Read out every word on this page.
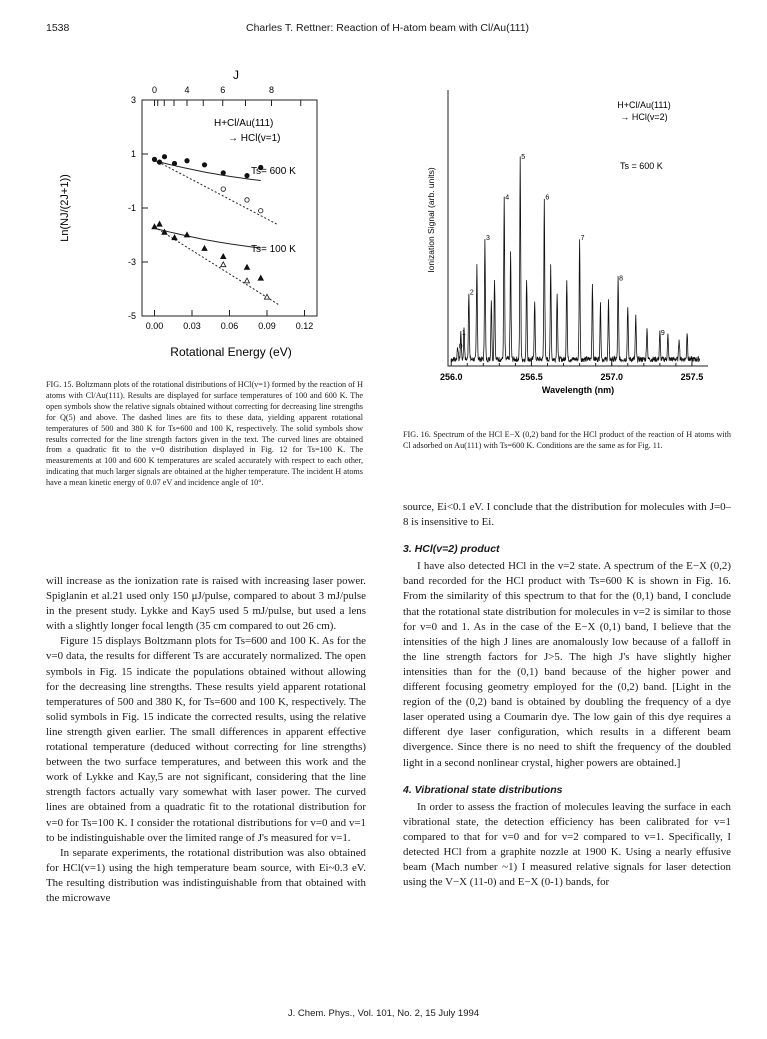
1538	Charles T. Rettner: Reaction of H-atom beam with Cl/Au(111)
J
0	4	6	8
H+Cl/Au(111)
→ HCl(v=1)
Ts= 600 K
Ts= 100 K
3
1
-1
-3
-5
0.00 0.03 0.06 0.09 0.12
Ln(NJ/(2J+1))
Rotational Energy (eV)
FIG. 15. Boltzmann plots of the rotational distributions of HCl(v=1) formed by the reaction of H atoms with Cl/Au(111). Results are displayed for surface temperatures of 100 and 600 K. The open symbols show the relative signals obtained without correcting for decreasing line strengths for Q(5) and above. The dashed lines are fits to these data, yielding apparent rotational temperatures of 500 and 380 K for Ts=600 and 100 K, respectively. The solid symbols show results corrected for the line strength factors given in the text. The curved lines are obtained from a quadratic fit to the v=0 distribution displayed in Fig. 12 for Ts=100 K. The measurements at 100 and 600 K temperatures are scaled accurately with respect to each other, indicating that much larger signals are obtained at the higher temperature. The incident H atoms have a mean kinetic energy of 0.07 eV and incidence angle of 10°.
0
1
2
3
4
5
6
7
8
9
H+Cl/Au(111)
→ HCl(v=2)
Ts = 600 K
Ionization Signal (arb. units)
256.0	256.5	257.0	257.5
Wavelength (nm)
FIG. 16. Spectrum of the HCl E−X (0,2) band for the HCl product of the reaction of H atoms with Cl adsorbed on Au(111) with Ts=600 K. Conditions are the same as for Fig. 11.

will increase as the ionization rate is raised with increasing laser power. Spiglanin et al.21 used only 150 μJ/pulse, compared to about 3 mJ/pulse in the present study. Lykke and Kay5 used 5 mJ/pulse, but used a lens with a slightly longer focal length (35 cm compared to out 26 cm).

Figure 15 displays Boltzmann plots for Ts=600 and 100 K. As for the v=0 data, the results for different Ts are accurately normalized. The open symbols in Fig. 15 indicate the populations obtained without allowing for the decreasing line strengths. These results yield apparent rotational temperatures of 500 and 380 K, for Ts=600 and 100 K, respectively. The solid symbols in Fig. 15 indicate the corrected results, using the relative line strength given earlier. The small differences in apparent effective rotational temperature (deduced without correcting for line strengths) between the two surface temperatures, and between this work and the work of Lykke and Kay,5 are not significant, considering that the line strength factors actually vary somewhat with laser power. The curved lines are obtained from a quadratic fit to the rotational distribution for v=0 for Ts=100 K. I consider the rotational distributions for v=0 and v=1 to be indistinguishable over the limited range of J's measured for v=1.

In separate experiments, the rotational distribution was also obtained for HCl(v=1) using the high temperature beam source, with Ei~0.3 eV. The resulting distribution was indistinguishable from that obtained with the microwave

source, Ei<0.1 eV. I conclude that the distribution for molecules with J=0–8 is insensitive to Ei.

3. HCl(v=2) product

I have also detected HCl in the v=2 state. A spectrum of the E−X (0,2) band recorded for the HCl product with Ts=600 K is shown in Fig. 16. From the similarity of this spectrum to that for the (0,1) band, I conclude that the rotational state distribution for molecules in v=2 is similar to those for v=0 and 1. As in the case of the E−X (0,1) band, I believe that the intensities of the high J lines are anomalously low because of a falloff in the line strength factors for J>5. The high J's have slightly higher intensities than for the (0,1) band because of the higher power and different focusing geometry employed for the (0,2) band. [Light in the region of the (0,2) band is obtained by doubling the frequency of a dye laser operated using a Coumarin dye. The low gain of this dye requires a different dye laser configuration, which results in a different beam divergence. Since there is no need to shift the frequency of the doubled light in a second nonlinear crystal, higher powers are obtained.]

4. Vibrational state distributions

In order to assess the fraction of molecules leaving the surface in each vibrational state, the detection efficiency has been calibrated for v=1 compared to that for v=0 and for v=2 compared to v=1. Specifically, I detected HCl from a graphite nozzle at 1900 K. Using a nearly effusive beam (Mach number ~1) I measured relative signals for laser detection using the V−X (11-0) and E−X (0-1) bands, for

J. Chem. Phys., Vol. 101, No. 2, 15 July 1994
